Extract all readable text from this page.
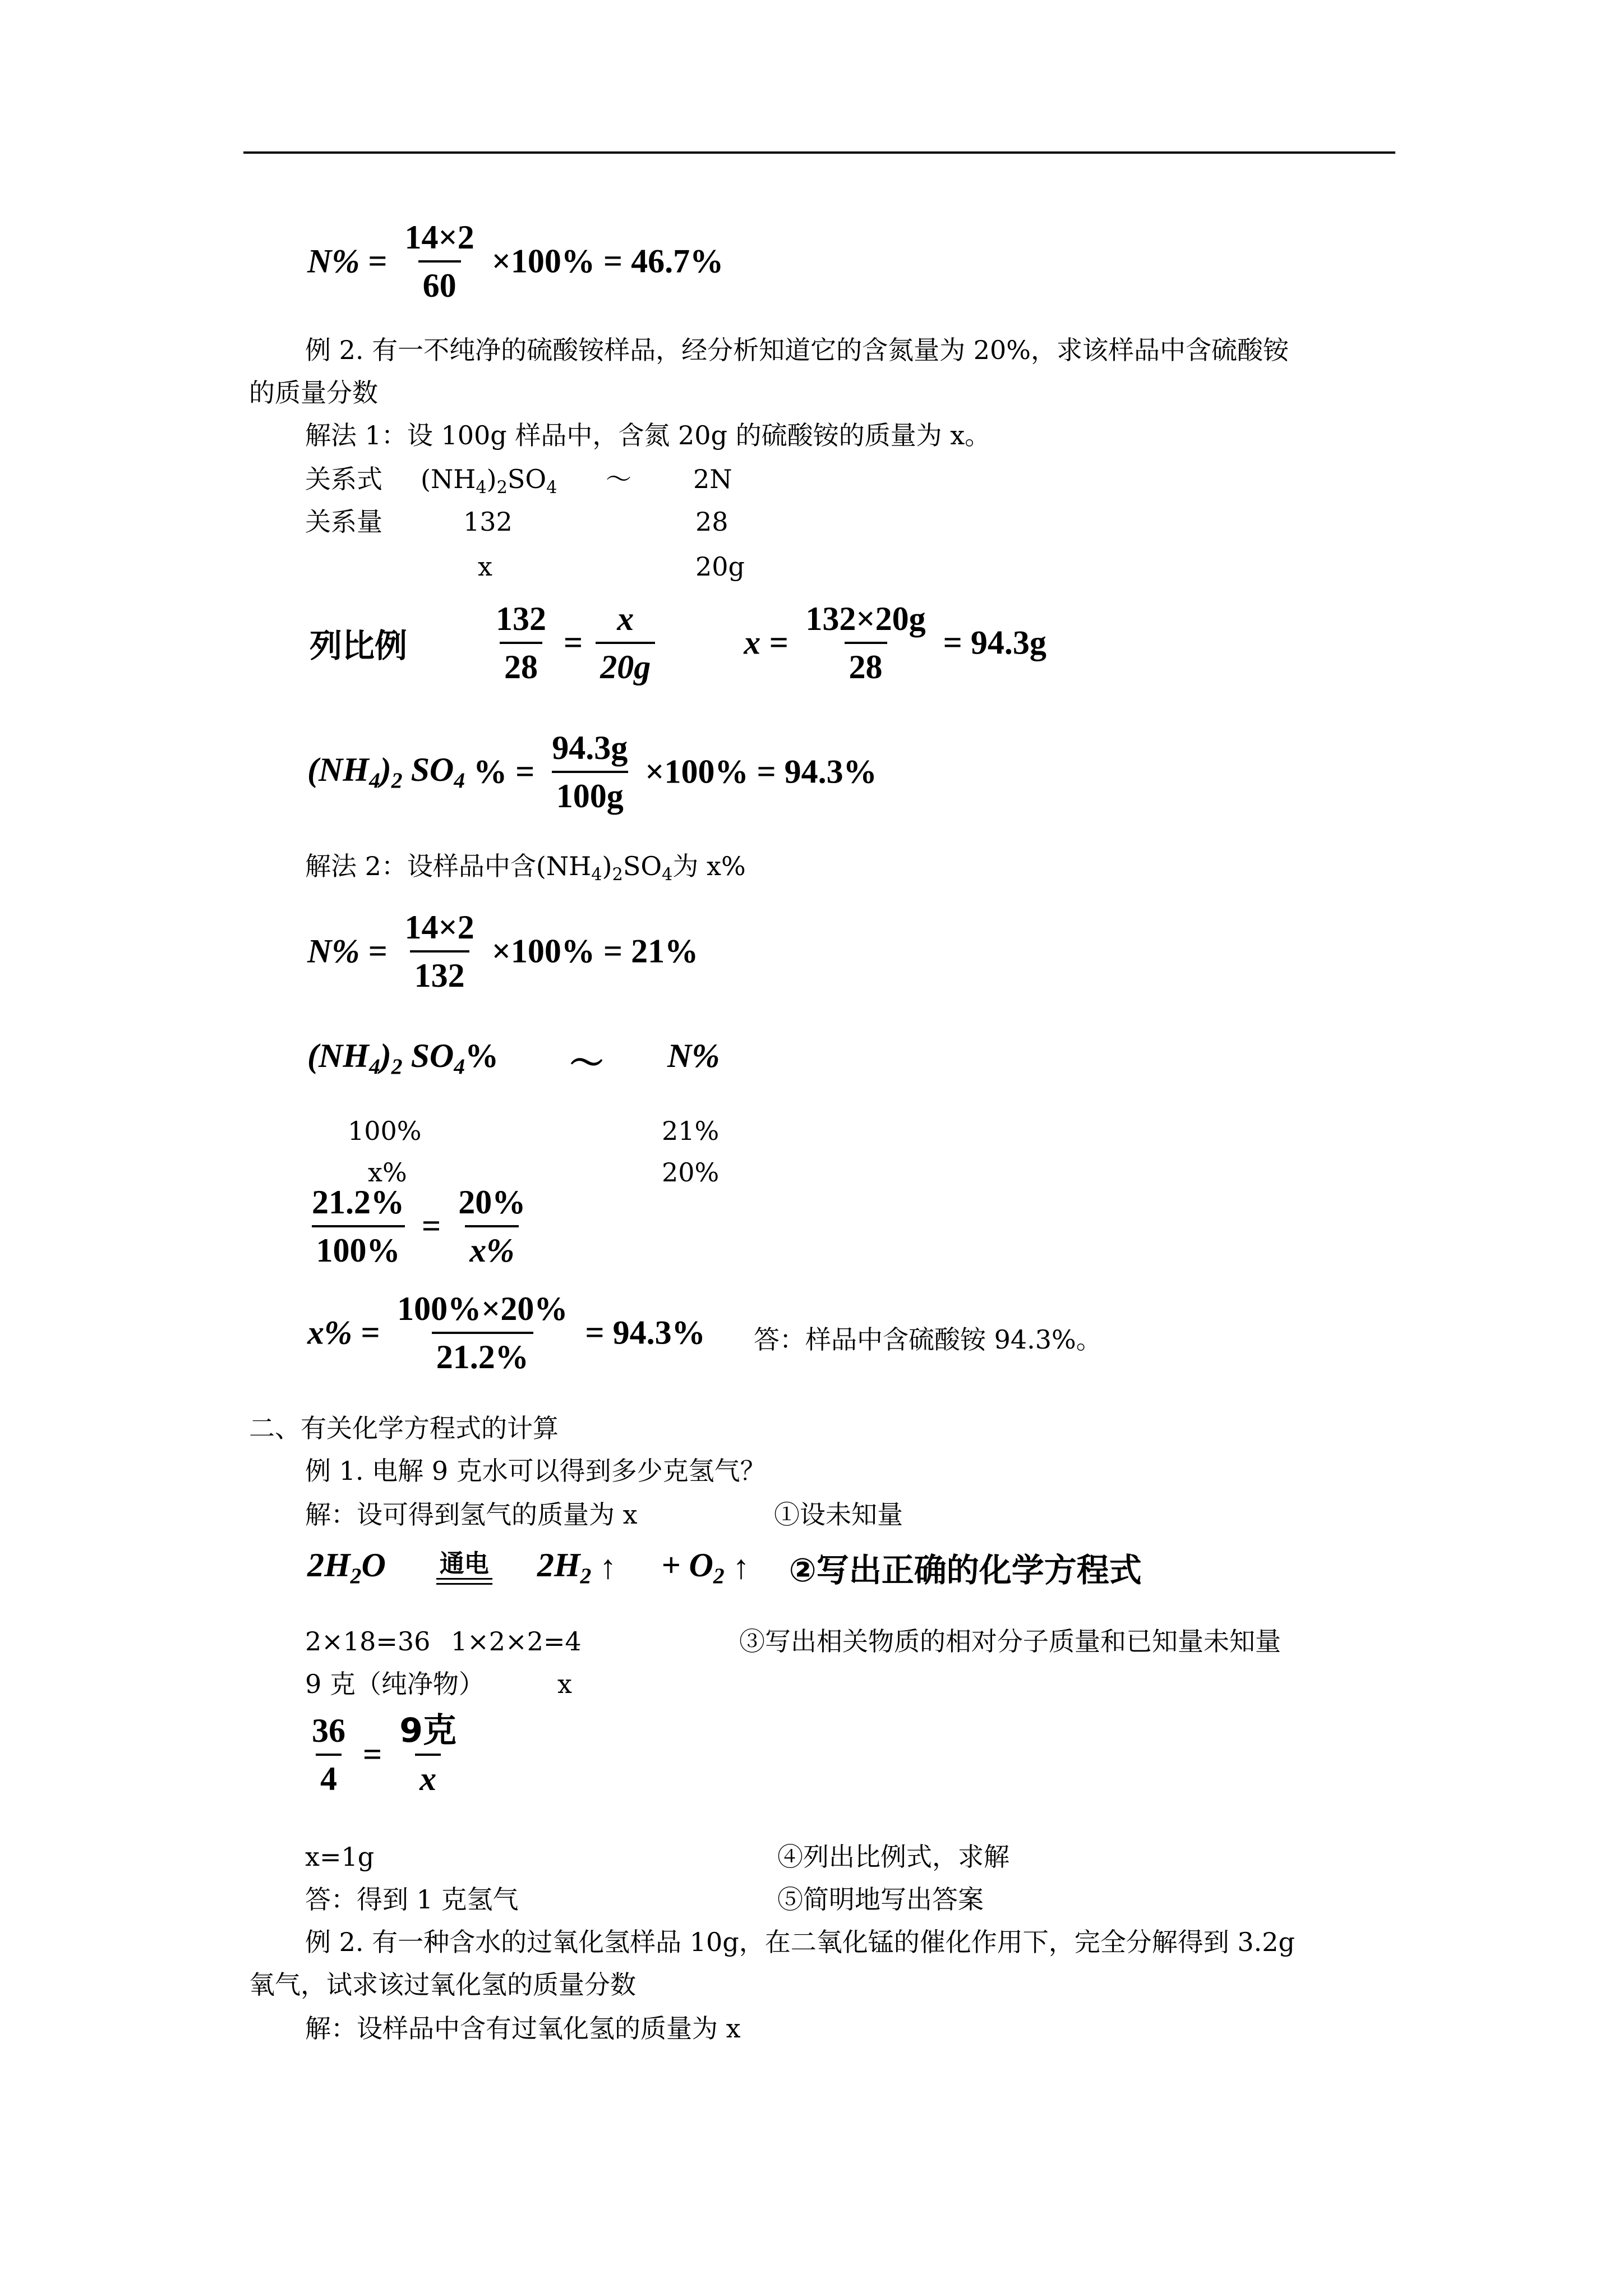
$N\% = \frac{14\times 2}{60} \times 100\% = 46.7\%$
例 2. 有一不纯净的硫酸铵样品，经分析知道它的含氮量为 20%，求该样品中含硫酸铵
的质量分数
解法 1：设 100g 样品中，含氮 20g 的硫酸铵的质量为 x。
关系式 $(NH_4)_2SO_4$ ～ 2N
关系量	132	28
x	20g
列比例	$\frac{132}{28} = \frac{x}{20g}$	$x = \frac{132\times 20g}{28} = 94.3g$
$(NH_4)_2$ $SO_4$ % = $\frac{94.3g}{100g} \times 100\% = 94.3\%$
解法 2：设样品中含$(NH_4)_2SO_4$为 x%
$N\% = \frac{14\times 2}{132} \times 100\% = 21\%$
$(NH_4)_2$ $SO_4\%$ ～ N%
100%	21%
x%	20%
$\frac{21.2\%}{100\%} = \frac{20\%}{x\%}$
$x\% = \frac{100\%\times 20\%}{21.2\%} = 94.3\%$ 答：样品中含硫酸铵 94.3%。
二、有关化学方程式的计算
例 1. 电解 9 克水可以得到多少克氢气？
解：设可得到氢气的质量为 x	①设未知量
$2H_2O$ 通电 $2H_2$ ↑ + $O_2$ ↑ ②写出正确的化学方程式
2×18=36 1×2×2=4	③写出相关物质的相对分子质量和已知量未知量
9 克（纯净物）	x
$\frac{36}{4} = \frac{\text{9克}}{x}$
x=1g	④列出比例式，求解
答：得到 1 克氢气	⑤简明地写出答案
例 2. 有一种含水的过氧化氢样品 10g，在二氧化锰的催化作用下，完全分解得到 3.2g
氧气，试求该过氧化氢的质量分数
解：设样品中含有过氧化氢的质量为 x
